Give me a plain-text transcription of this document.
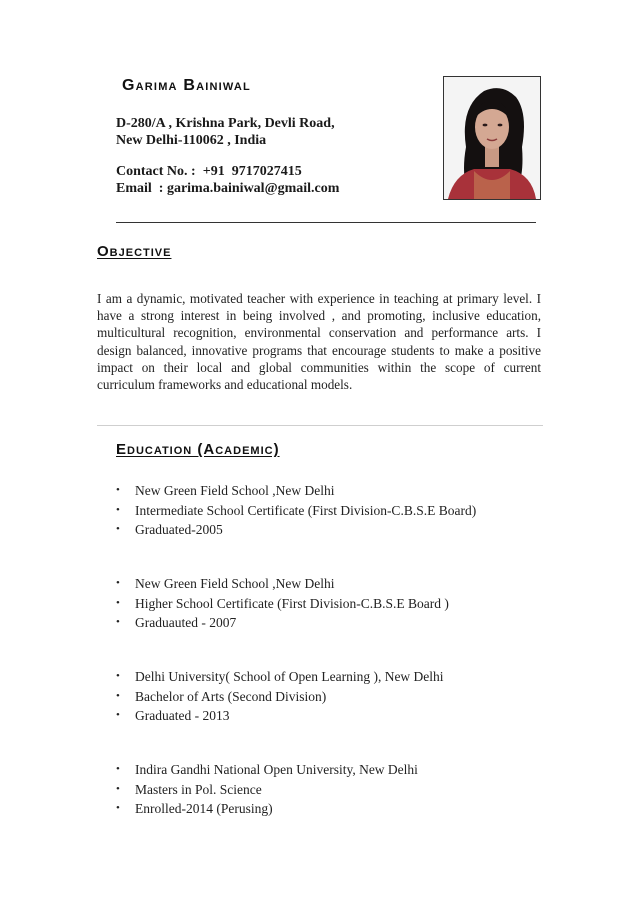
Garima Bainiwal
D-280/A , Krishna Park, Devli Road,
New Delhi-110062 , India
Contact No. : +91  9717027415
Email  : garima.bainiwal@gmail.com
Objective
I am a dynamic, motivated teacher with experience in teaching at primary level. I have a strong interest in being involved , and promoting, inclusive education, multicultural recognition, environmental conservation and performance arts. I design balanced, innovative programs that encourage students to make a positive impact on their local and global communities within the scope of current curriculum frameworks and educational models.
Education (Academic)
• New Green Field School ,New Delhi
• Intermediate School Certificate (First Division-C.B.S.E Board)
• Graduated-2005
• New Green Field School ,New Delhi
• Higher School Certificate (First Division-C.B.S.E Board )
• Graduauted - 2007
• Delhi University( School of Open Learning ), New Delhi
• Bachelor of Arts (Second Division)
• Graduated - 2013
• Indira Gandhi National Open University, New Delhi
• Masters in Pol. Science
• Enrolled-2014 (Perusing)
